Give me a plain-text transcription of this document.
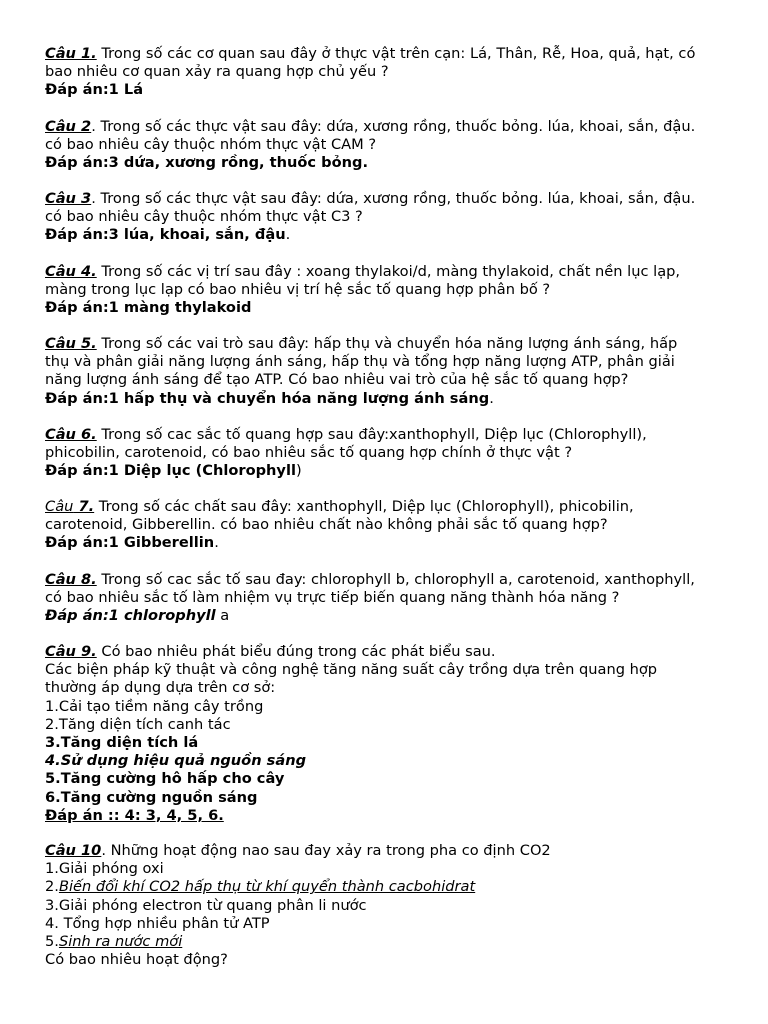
Câu 1. Trong số các cơ quan sau đây ở thực vật trên cạn: Lá, Thân, Rễ, Hoa, quả, hạt, có
bao nhiêu cơ quan xảy ra quang hợp chủ yếu ?
Đáp án:1 Lá
Câu 2. Trong số các thực vật sau đây: dứa, xương rồng, thuốc bỏng. lúa, khoai, sắn, đậu.
có bao nhiêu cây thuộc nhóm thực vật CAM ?
Đáp án:3 dứa, xương rồng, thuốc bỏng.
Câu 3. Trong số các thực vật sau đây: dứa, xương rồng, thuốc bỏng. lúa, khoai, sắn, đậu.
có bao nhiêu cây thuộc nhóm thực vật C3 ?
Đáp án:3 lúa, khoai, sắn, đậu.
Câu 4. Trong số các vị trí sau đây : xoang thylakoi/d, màng thylakoid, chất nền lục lạp,
màng trong lục lạp có bao nhiêu vị trí hệ sắc tố quang hợp phân bố ?
Đáp án:1 màng thylakoid
Câu 5. Trong số các vai trò sau đây: hấp thụ và chuyển hóa năng lượng ánh sáng, hấp
thụ và phân giải năng lượng ánh sáng, hấp thụ và tổng hợp năng lượng ATP, phân giải
năng lượng ánh sáng để tạo ATP. Có bao nhiêu vai trò của hệ sắc tố quang hợp?
Đáp án:1 hấp thụ và chuyển hóa năng lượng ánh sáng.
Câu 6. Trong số cac sắc tố quang hợp sau đây:xanthophyll, Diệp lục (Chlorophyll),
phicobilin, carotenoid, có bao nhiêu sắc tố quang hợp chính ở thực vật ?
Đáp án:1 Diệp lục (Chlorophyll)
Câu 7. Trong số các chất sau đây: xanthophyll, Diệp lục (Chlorophyll), phicobilin,
carotenoid, Gibberellin. có bao nhiêu chất nào không phải sắc tố quang hợp?
Đáp án:1 Gibberellin.
Câu 8. Trong số cac sắc tố sau đay: chlorophyll b, chlorophyll a, carotenoid, xanthophyll,
có bao nhiêu sắc tố làm nhiệm vụ trực tiếp biến quang năng thành hóa năng ?
Đáp án:1 chlorophyll a
Câu 9. Có bao nhiêu phát biểu đúng trong các phát biểu sau.
Các biện pháp kỹ thuật và công nghệ tăng năng suất cây trồng dựa trên quang hợp
thường áp dụng dựa trên cơ sở:
1.Cải tạo tiềm năng cây trồng
2.Tăng diện tích canh tác
3.Tăng diện tích lá
4.Sử dụng hiệu quả nguồn sáng
5.Tăng cường hô hấp cho cây
6.Tăng cường nguồn sáng
Đáp án :: 4: 3, 4, 5, 6.
Câu 10. Những hoạt động nao sau đay xảy ra trong pha co định CO2
1.Giải phóng oxi
2.Biến đổi khí CO2 hấp thụ từ khí quyển thành cacbohidrat
3.Giải phóng electron từ quang phân li nước
4. Tổng hợp nhiều phân tử ATP
5.Sinh ra nước mới
Có bao nhiêu hoạt động?
